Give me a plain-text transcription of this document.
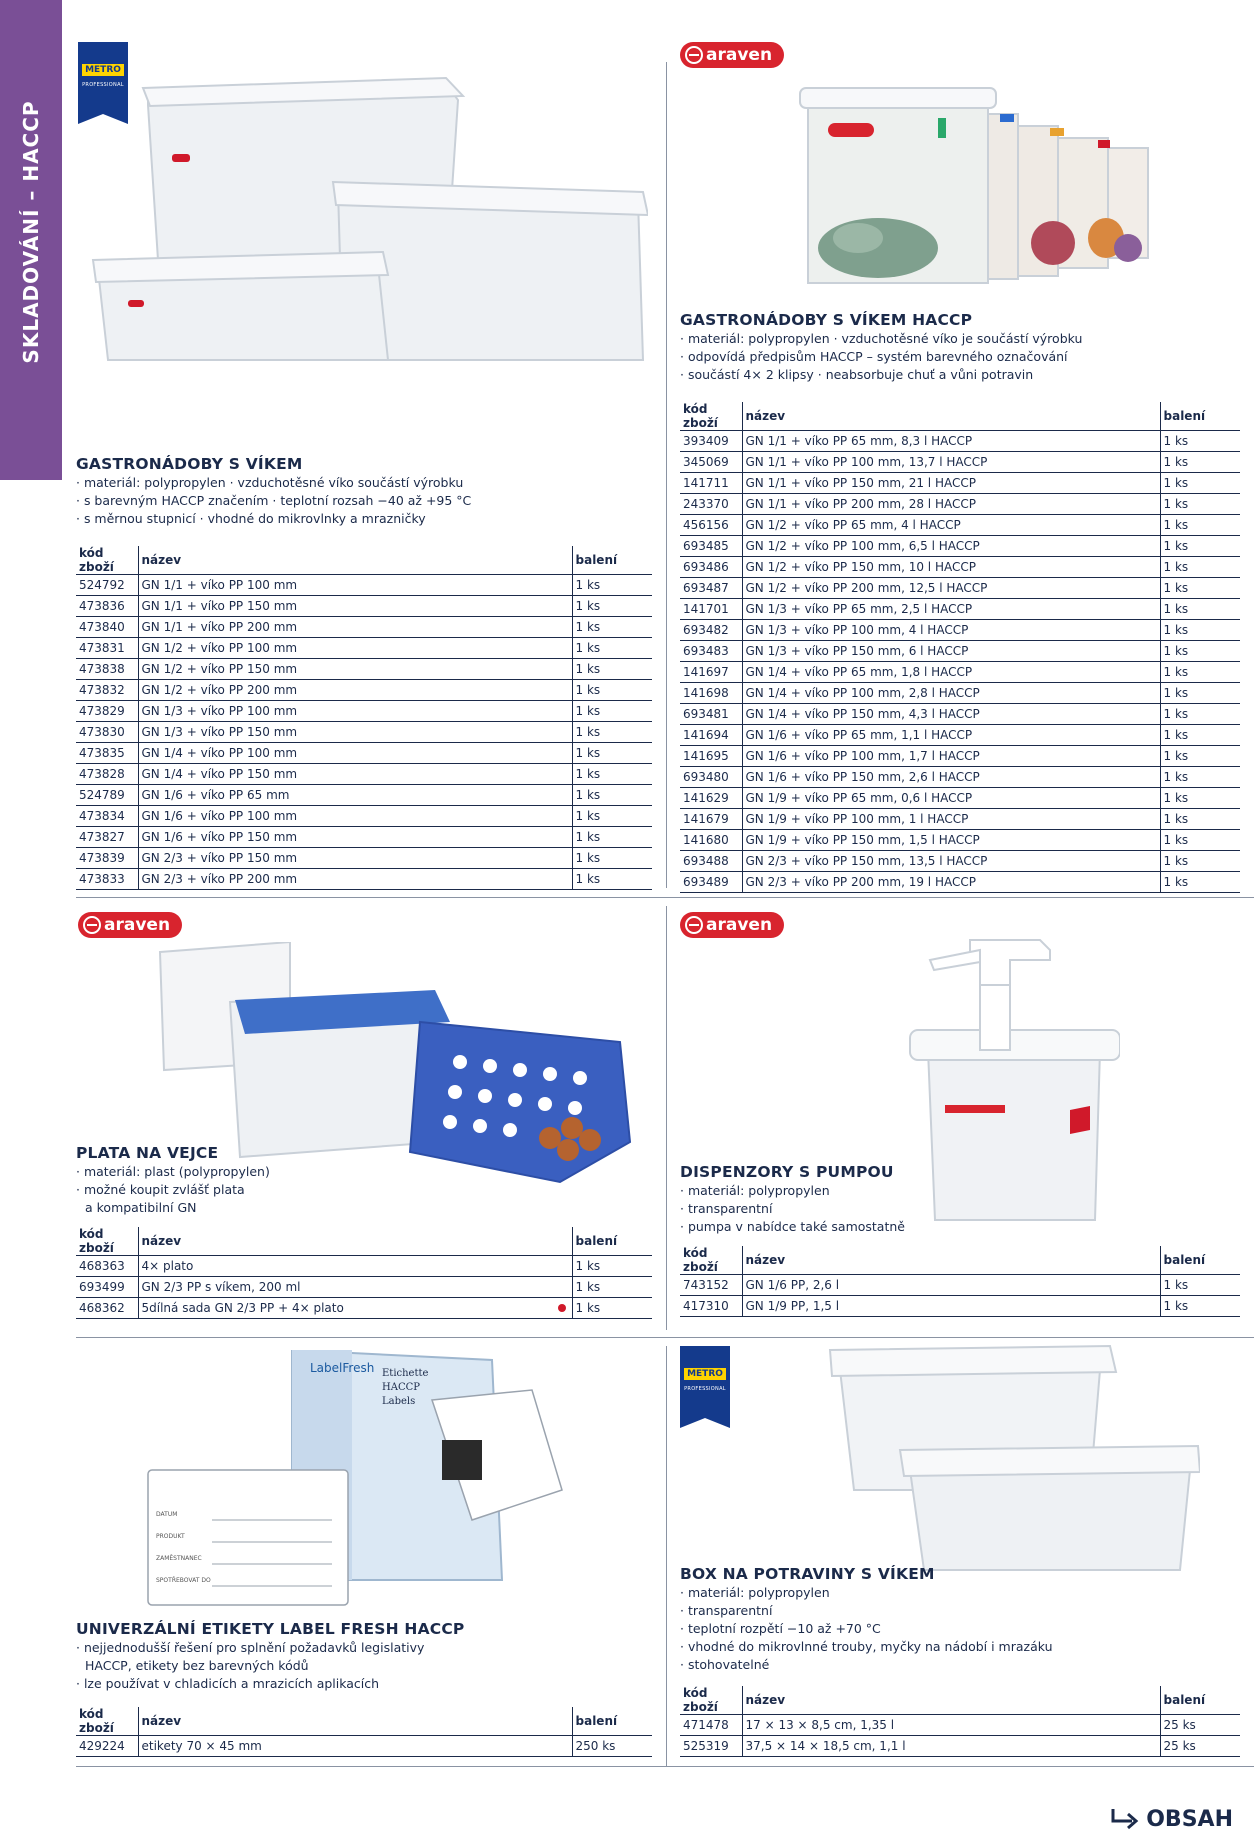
SKLADOVÁNÍ – HACCP
METRO
PROFESSIONAL
GASTRONÁDOBY S VÍKEM
· materiál: polypropylen · vzduchotěsné víko součástí výrobku
· s barevným HACCP značením · teplotní rozsah −40 až +95 °C
· s měrnou stupnicí · vhodné do mikrovlnky a mrazničky
kód zboží	název	balení
524792	GN 1/1 + víko PP 100 mm	1 ks
473836	GN 1/1 + víko PP 150 mm	1 ks
473840	GN 1/1 + víko PP 200 mm	1 ks
473831	GN 1/2 + víko PP 100 mm	1 ks
473838	GN 1/2 + víko PP 150 mm	1 ks
473832	GN 1/2 + víko PP 200 mm	1 ks
473829	GN 1/3 + víko PP 100 mm	1 ks
473830	GN 1/3 + víko PP 150 mm	1 ks
473835	GN 1/4 + víko PP 100 mm	1 ks
473828	GN 1/4 + víko PP 150 mm	1 ks
524789	GN 1/6 + víko PP 65 mm	1 ks
473834	GN 1/6 + víko PP 100 mm	1 ks
473827	GN 1/6 + víko PP 150 mm	1 ks
473839	GN 2/3 + víko PP 150 mm	1 ks
473833	GN 2/3 + víko PP 200 mm	1 ks
araven
GASTRONÁDOBY S VÍKEM HACCP
· materiál: polypropylen · vzduchotěsné víko je součástí výrobku
· odpovídá předpisům HACCP – systém barevného označování
· součástí 4× 2 klipsy · neabsorbuje chuť a vůni potravin
kód zboží	název	balení
393409	GN 1/1 + víko PP 65 mm, 8,3 l HACCP	1 ks
345069	GN 1/1 + víko PP 100 mm, 13,7 l HACCP	1 ks
141711	GN 1/1 + víko PP 150 mm, 21 l HACCP	1 ks
243370	GN 1/1 + víko PP 200 mm, 28 l HACCP	1 ks
456156	GN 1/2 + víko PP 65 mm, 4 l HACCP	1 ks
693485	GN 1/2 + víko PP 100 mm, 6,5 l HACCP	1 ks
693486	GN 1/2 + víko PP 150 mm, 10 l HACCP	1 ks
693487	GN 1/2 + víko PP 200 mm, 12,5 l HACCP	1 ks
141701	GN 1/3 + víko PP 65 mm, 2,5 l HACCP	1 ks
693482	GN 1/3 + víko PP 100 mm, 4 l HACCP	1 ks
693483	GN 1/3 + víko PP 150 mm, 6 l HACCP	1 ks
141697	GN 1/4 + víko PP 65 mm, 1,8 l HACCP	1 ks
141698	GN 1/4 + víko PP 100 mm, 2,8 l HACCP	1 ks
693481	GN 1/4 + víko PP 150 mm, 4,3 l HACCP	1 ks
141694	GN 1/6 + víko PP 65 mm, 1,1 l HACCP	1 ks
141695	GN 1/6 + víko PP 100 mm, 1,7 l HACCP	1 ks
693480	GN 1/6 + víko PP 150 mm, 2,6 l HACCP	1 ks
141629	GN 1/9 + víko PP 65 mm, 0,6 l HACCP	1 ks
141679	GN 1/9 + víko PP 100 mm, 1 l HACCP	1 ks
141680	GN 1/9 + víko PP 150 mm, 1,5 l HACCP	1 ks
693488	GN 2/3 + víko PP 150 mm, 13,5 l HACCP	1 ks
693489	GN 2/3 + víko PP 200 mm, 19 l HACCP	1 ks
araven
PLATA NA VEJCE
· materiál: plast (polypropylen)
· možné koupit zvlášť plata
a kompatibilní GN
kód zboží	název		balení
468363	4× plato		1 ks
693499	GN 2/3 PP s víkem, 200 ml		1 ks
468362	5dílná sada GN 2/3 PP + 4× plato		1 ks
araven
DISPENZORY S PUMPOU
· materiál: polypropylen
· transparentní
· pumpa v nabídce také samostatně
kód zboží	název	balení
743152	GN 1/6 PP, 2,6 l	1 ks
417310	GN 1/9 PP, 1,5 l	1 ks
LabelFresh Etichette
HACCP
Labels
DATUM
PRODUKT
ZAMĚSTNANEC
SPOTŘEBOVAT DO
UNIVERZÁLNÍ ETIKETY LABEL FRESH HACCP
· nejjednodušší řešení pro splnění požadavků legislativy
HACCP, etikety bez barevných kódů
· lze používat v chladicích a mrazicích aplikacích
kód zboží	název	balení
429224	etikety 70 × 45 mm	250 ks
METRO
PROFESSIONAL
BOX NA POTRAVINY S VÍKEM
· materiál: polypropylen
· transparentní
· teplotní rozpětí −10 až +70 °C
· vhodné do mikrovlnné trouby, myčky na nádobí i mrazáku
· stohovatelné
kód zboží	název	balení
471478	17 × 13 × 8,5 cm, 1,35 l	25 ks
525319	37,5 × 14 × 18,5 cm, 1,1 l	25 ks
OBSAH
